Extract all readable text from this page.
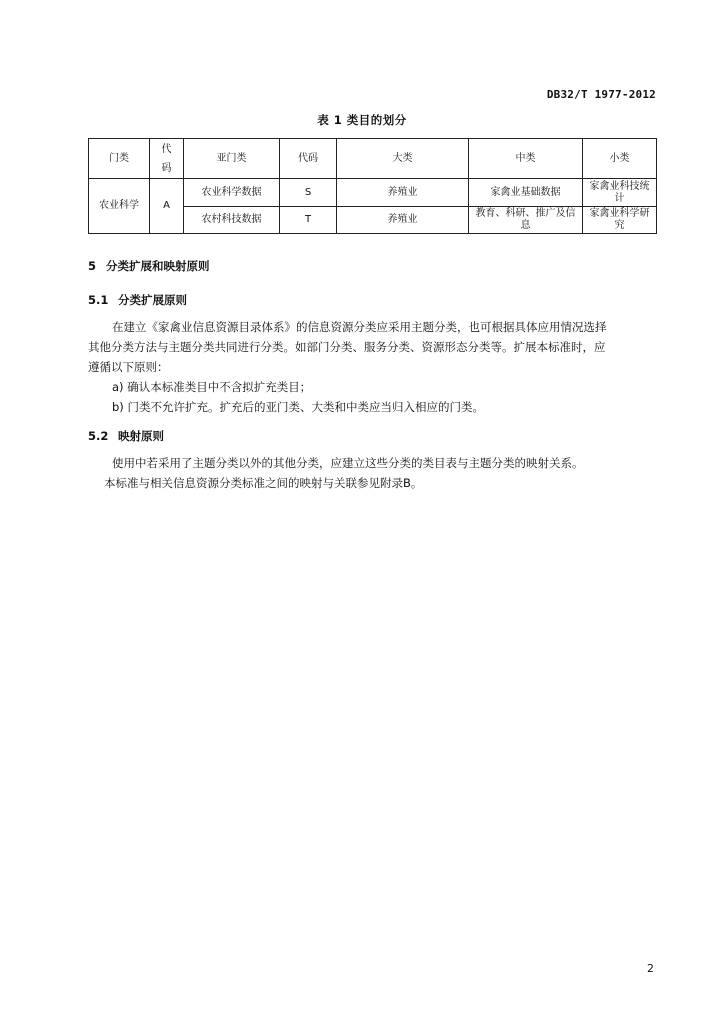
DB32/T 1977-2012
表 1 类目的划分
门类	代码	亚门类	代码	大类	中类	小类
农业科学	A	农业科学数据	S	养殖业	家禽业基础数据	家禽业科技统计
		农村科技数据	T	养殖业	教育、科研、推广及信息	家禽业科学研究
5 分类扩展和映射原则
5.1 分类扩展原则
在建立《家禽业信息资源目录体系》的信息资源分类应采用主题分类，也可根据具体应用情况选择
其他分类方法与主题分类共同进行分类。如部门分类、服务分类、资源形态分类等。扩展本标准时，应
遵循以下原则：
a) 确认本标准类目中不含拟扩充类目；
b) 门类不允许扩充。扩充后的亚门类、大类和中类应当归入相应的门类。
5.2 映射原则
使用中若采用了主题分类以外的其他分类，应建立这些分类的类目表与主题分类的映射关系。
本标准与相关信息资源分类标准之间的映射与关联参见附录B。
2
